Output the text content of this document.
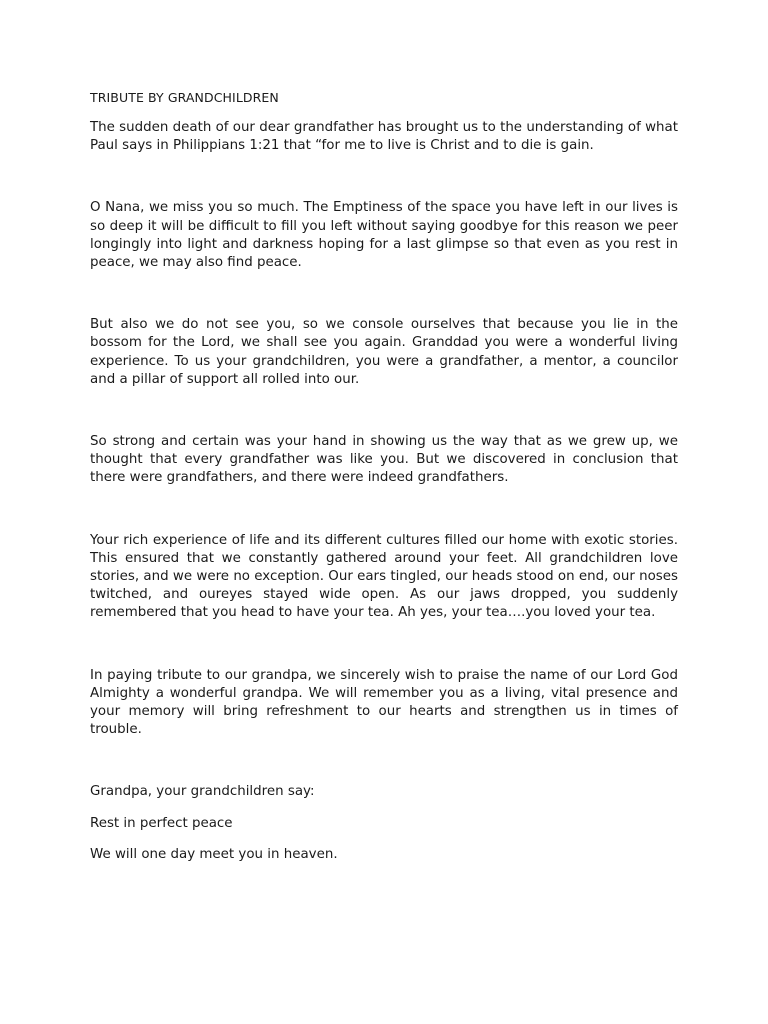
TRIBUTE BY GRANDCHILDREN

The sudden death of our dear grandfather has brought us to the understanding of what Paul says in Philippians 1:21 that “for me to live is Christ and to die is gain.

O Nana, we miss you so much. The Emptiness of the space you have left in our lives is so deep it will be difficult to fill you left without saying goodbye for this reason we peer longingly into light and darkness hoping for a last glimpse so that even as you rest in peace, we may also find peace.

But also we do not see you, so we console ourselves that because you lie in the bossom for the Lord, we shall see you again. Granddad you were a wonderful living experience. To us your grandchildren, you were a grandfather, a mentor, a councilor and a pillar of support all rolled into our.

So strong and certain was your hand in showing us the way that as we grew up, we thought that every grandfather was like you. But we discovered in conclusion that there were grandfathers, and there were indeed grandfathers.

Your rich experience of life and its different cultures filled our home with exotic stories. This ensured that we constantly gathered around your feet. All grandchildren love stories, and we were no exception. Our ears tingled, our heads stood on end, our noses twitched, and oureyes stayed wide open. As our jaws dropped, you suddenly remembered that you head to have your tea. Ah yes, your tea….you loved your tea.

In paying tribute to our grandpa, we sincerely wish to praise the name of our Lord God Almighty a wonderful grandpa. We will remember you as a living, vital presence and your memory will bring refreshment to our hearts and strengthen us in times of trouble.

Grandpa, your grandchildren say:

Rest in perfect peace

We will one day meet you in heaven.
